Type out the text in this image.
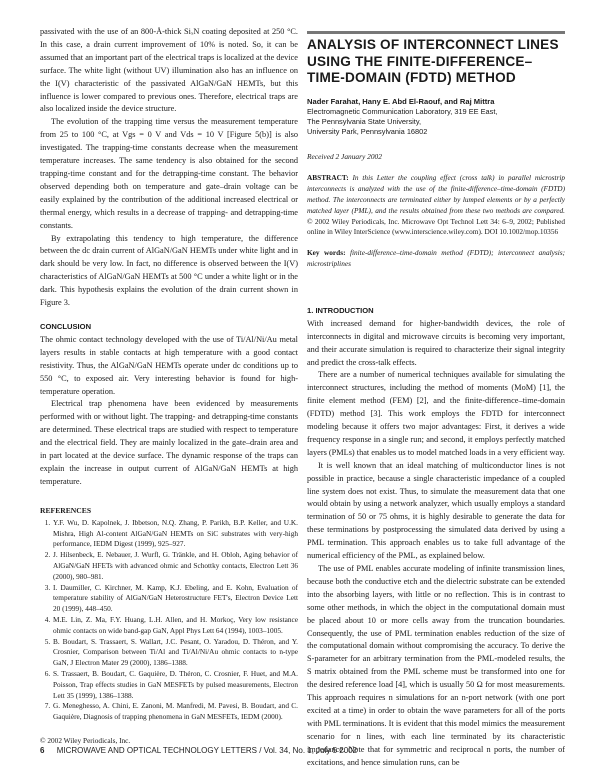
passivated with the use of an 800-Å-thick SiₓN coating deposited at 250 °C. In this case, a drain current improvement of 10% is noted. So, it can be assumed that an important part of the electrical traps is localized at the device surface. The white light (without UV) illumination also has an influence on the I(V) characteristic of the passivated AlGaN/GaN HEMTs, but this influence is lower compared to previous ones. Therefore, electrical traps are also localized inside the device structure.

The evolution of the trapping time versus the measurement temperature from 25 to 100 °C, at Vgs = 0 V and Vds = 10 V [Figure 5(b)] is also investigated. The trapping-time constants decrease when the measurement temperature increases. The same tendency is also obtained for the second trapping-time constant and for the detrapping-time constant. The behavior observed depending both on temperature and gate–drain voltage can be easily explained by the contribution of the additional increased electrical or thermal energy, which results in a decrease of trapping- and detrapping-time constants.

By extrapolating this tendency to high temperature, the difference between the dc drain current of AlGaN/GaN HEMTs under white light and in dark should be very low. In fact, no difference is observed between the I(V) characteristics of AlGaN/GaN HEMTs at 500 °C under a white light or in the dark. This hypothesis explains the evolution of the drain current shown in Figure 3.

CONCLUSION

The ohmic contact technology developed with the use of Ti/Al/Ni/Au metal layers results in stable contacts at high temperature with a good contact resistivity. Thus, the AlGaN/GaN HEMTs operate under dc conditions up to 550 °C, to exposed air. Very interesting behavior is found for high-temperature operation.

Electrical trap phenomena have been evidenced by measurements performed with or without light. The trapping- and detrapping-time constants are determined. These electrical traps are studied with respect to temperature and the electrical field. They are mainly localized in the gate–drain area and in part located at the device surface. The dynamic response of the traps can explain the increase in output current of AlGaN/GaN HEMTs at high temperature.

REFERENCES
1. Y.F. Wu, D. Kapolnek, J. Ibbetson, N.Q. Zhang, P. Parikh, B.P. Keller, and U.K. Mishra, High Al-content AlGaN/GaN HEMTs on SiC substrates with very-high performance, IEDM Digest (1999), 925–927.
2. J. Hilsenbeck, E. Nebauer, J. Wurfl, G. Tränkle, and H. Obloh, Aging behavior of AlGaN/GaN HFETs with advanced ohmic and Schottky contacts, Electron Lett 36 (2000), 980–981.
3. I. Daumiller, C. Kirchner, M. Kamp, K.J. Ebeling, and E. Kohn, Evaluation of temperature stability of AlGaN/GaN Heterostructure FET's, Electron Device Lett 20 (1999), 448–450.
4. M.E. Lin, Z. Ma, F.Y. Huang, L.H. Allen, and H. Morkoç, Very low resistance ohmic contacts on wide band-gap GaN, Appl Phys Lett 64 (1994), 1003–1005.
5. B. Boudart, S. Trassaert, S. Wallart, J.C. Pesant, O. Yaradou, D. Théron, and Y. Crosnier, Comparison between Ti/Al and Ti/Al/Ni/Au ohmic contacts to n-type GaN, J Electron Mater 29 (2000), 1386–1388.
6. S. Trassaert, B. Boudart, C. Gaquière, D. Théron, C. Crosnier, F. Huet, and M.A. Poisson, Trap effects studies in GaN MESFETs by pulsed measurements, Electron Lett 35 (1999), 1386–1388.
7. G. Meneghesso, A. Chini, E. Zanoni, M. Manfredi, M. Pavesi, B. Boudart, and C. Gaquière, Diagnosis of trapping phenomena in GaN MESFETs, IEDM (2000).

© 2002 Wiley Periodicals, Inc.

ANALYSIS OF INTERCONNECT LINES USING THE FINITE-DIFFERENCE–TIME-DOMAIN (FDTD) METHOD
Nader Farahat, Hany E. Abd El-Raouf, and Raj Mittra
Electromagnetic Communication Laboratory, 319 EE East,
The Pennsylvania State University,
University Park, Pennsylvania 16802
Received 2 January 2002

ABSTRACT: In this Letter the coupling effect (cross talk) in parallel microstrip interconnects is analyzed with the use of the finite-difference–time-domain (FDTD) method. The interconnects are terminated either by lumped elements or by a perfectly matched layer (PML), and the results obtained from these two methods are compared. © 2002 Wiley Periodicals, Inc. Microwave Opt Technol Lett 34: 6–9, 2002; Published online in Wiley InterScience (www.interscience.wiley.com). DOI 10.1002/mop.10356

Key words: finite-difference–time-domain method (FDTD); interconnect analysis; microstriplines

1. INTRODUCTION

With increased demand for higher-bandwidth devices, the role of interconnects in digital and microwave circuits is becoming very important, and their accurate simulation is required to characterize their signal integrity and predict the cross-talk effects.

There are a number of numerical techniques available for simulating the interconnect structures, including the method of moments (MoM) [1], the finite element method (FEM) [2], and the finite-difference–time-domain (FDTD) method [3]. This work employs the FDTD for interconnect modeling because it offers two major advantages: First, it derives a wide frequency response in a single run; and second, it employs perfectly matched layers (PMLs) that enables us to model matched loads in a very efficient way.

It is well known that an ideal matching of multiconductor lines is not possible in practice, because a single characteristic impedance of a coupled line system does not exist. Thus, to simulate the measurement data that one would obtain by using a network analyzer, which usually employs a standard termination of 50 or 75 ohms, it is highly desirable to generate the data for these terminations by postprocessing the simulated data derived by using a PML termination. This approach enables us to take full advantage of the numerical efficiency of the PML, as explained below.

The use of PML enables accurate modeling of infinite transmission lines, because both the conductive etch and the dielectric substrate can be extended into the absorbing layers, with little or no reflection. This is in contrast to some other methods, in which the object in the computational domain must be placed about 10 or more cells away from the truncation boundaries. Consequently, the use of PML termination enables reduction of the size of the computational domain without compromising the accuracy. To derive the S-parameter for an arbitrary termination from the PML-modeled results, the S matrix obtained from the PML scheme must be transformed into one for the desired reference load [4], which is usually 50 Ω for most measurements. This approach requires n simulations for an n-port network (with one port excited at a time) in order to obtain the wave parameters for all of the ports with PML terminations. It is evident that this model mimics the measurement scenario for n lines, with each line terminated by its characteristic impedance. Note that for symmetric and reciprocal n ports, the number of excitations, and hence simulation runs, can be

6 MICROWAVE AND OPTICAL TECHNOLOGY LETTERS / Vol. 34, No. 1, July 5 2002
